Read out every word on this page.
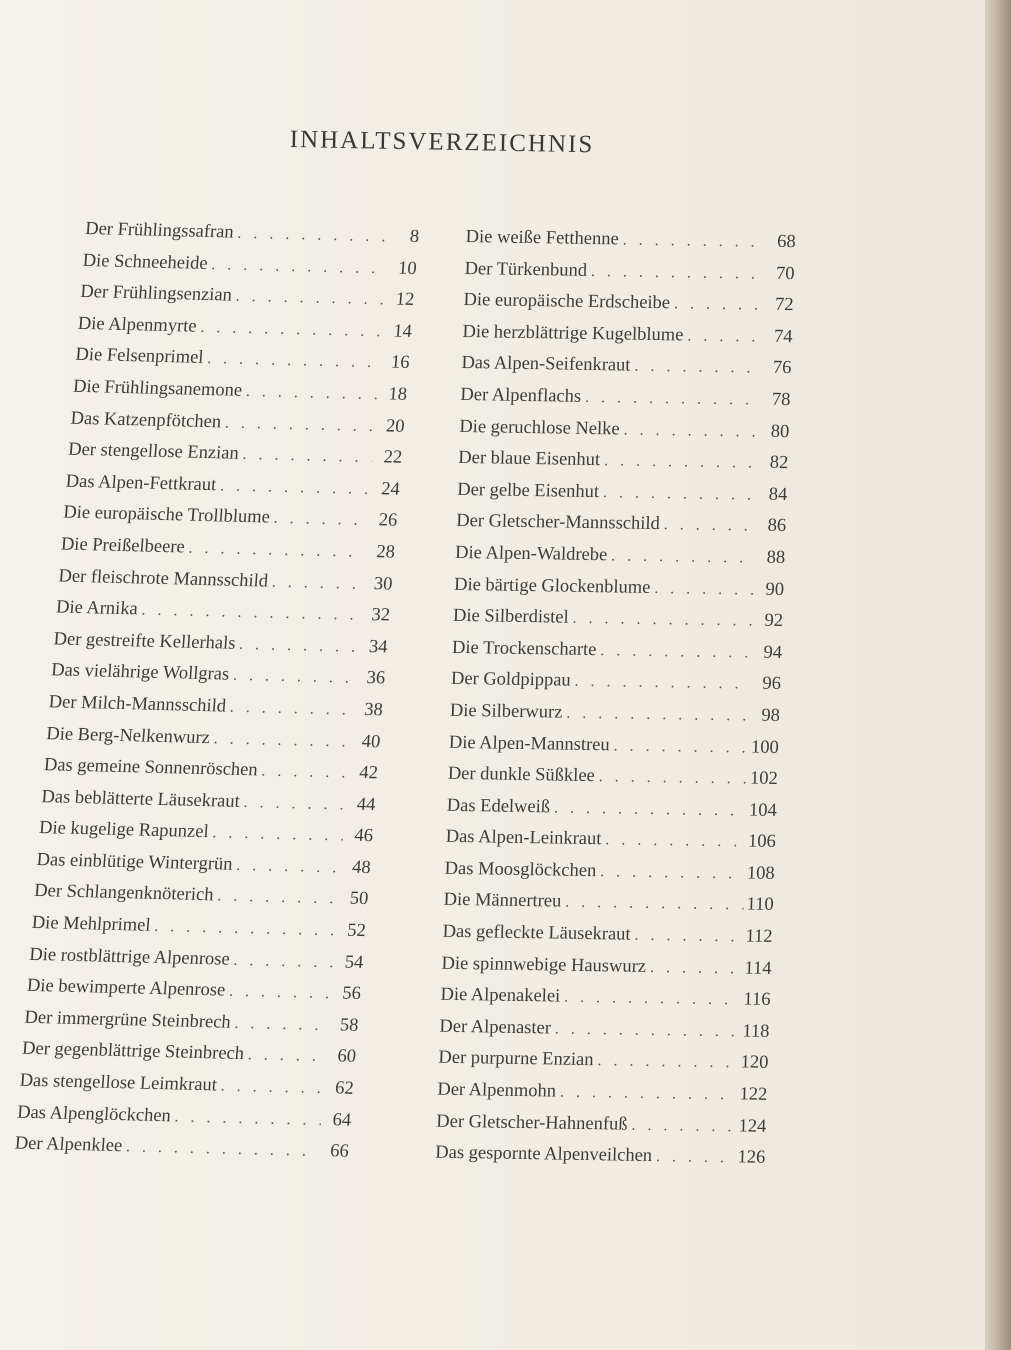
INHALTSVERZEICHNIS
Der Frühlingssafran . . .	8
Die Schneeheide . . .	10
Der Frühlingsenzian . . .	12
Die Alpenmyrte . . .	14
Die Felsenprimel . . .	16
Die Frühlingsanemone . . .	18
Das Katzenpfötchen . . .	20
Der stengellose Enzian . . .	22
Das Alpen-Fettkraut . . .	24
Die europäische Trollblume . . .	26
Die Preißelbeere . . .	28
Der fleischrote Mannsschild . . .	30
Die Arnika . . .	32
Der gestreifte Kellerhals . . .	34
Das vielährige Wollgras . . .	36
Der Milch-Mannsschild . . .	38
Die Berg-Nelkenwurz . . .	40
Das gemeine Sonnenröschen . . .	42
Das beblätterte Läusekraut . . .	44
Die kugelige Rapunzel . . .	46
Das einblütige Wintergrün . . .	48
Der Schlangenknöterich . . .	50
Die Mehlprimel . . .	52
Die rostblättrige Alpenrose . . .	54
Die bewimperte Alpenrose . . .	56
Der immergrüne Steinbrech . . .	58
Der gegenblättrige Steinbrech . . .	60
Das stengellose Leimkraut . . .	62
Das Alpenglöckchen . . .	64
Der Alpenklee . . .	66
Die weiße Fetthenne . . .	68
Der Türkenbund . . .	70
Die europäische Erdscheibe . . .	72
Die herzblättrige Kugelblume . . .	74
Das Alpen-Seifenkraut . . .	76
Der Alpenflachs . . .	78
Die geruchlose Nelke . . .	80
Der blaue Eisenhut . . .	82
Der gelbe Eisenhut . . .	84
Der Gletscher-Mannsschild . . .	86
Die Alpen-Waldrebe . . .	88
Die bärtige Glockenblume . . .	90
Die Silberdistel . . .	92
Die Trockenscharte . . .	94
Der Goldpippau . . .	96
Die Silberwurz . . .	98
Die Alpen-Mannstreu . . .	100
Der dunkle Süßklee . . .	102
Das Edelweiß . . .	104
Das Alpen-Leinkraut . . .	106
Das Moosglöckchen . . .	108
Die Männertreu . . .	110
Das gefleckte Läusekraut . . .	112
Die spinnwebige Hauswurz . . .	114
Die Alpenakelei . . .	116
Der Alpenaster . . .	118
Der purpurne Enzian . . .	120
Der Alpenmohn . . .	122
Der Gletscher-Hahnenfuß . . .	124
Das gespornte Alpenveilchen . . .	126
